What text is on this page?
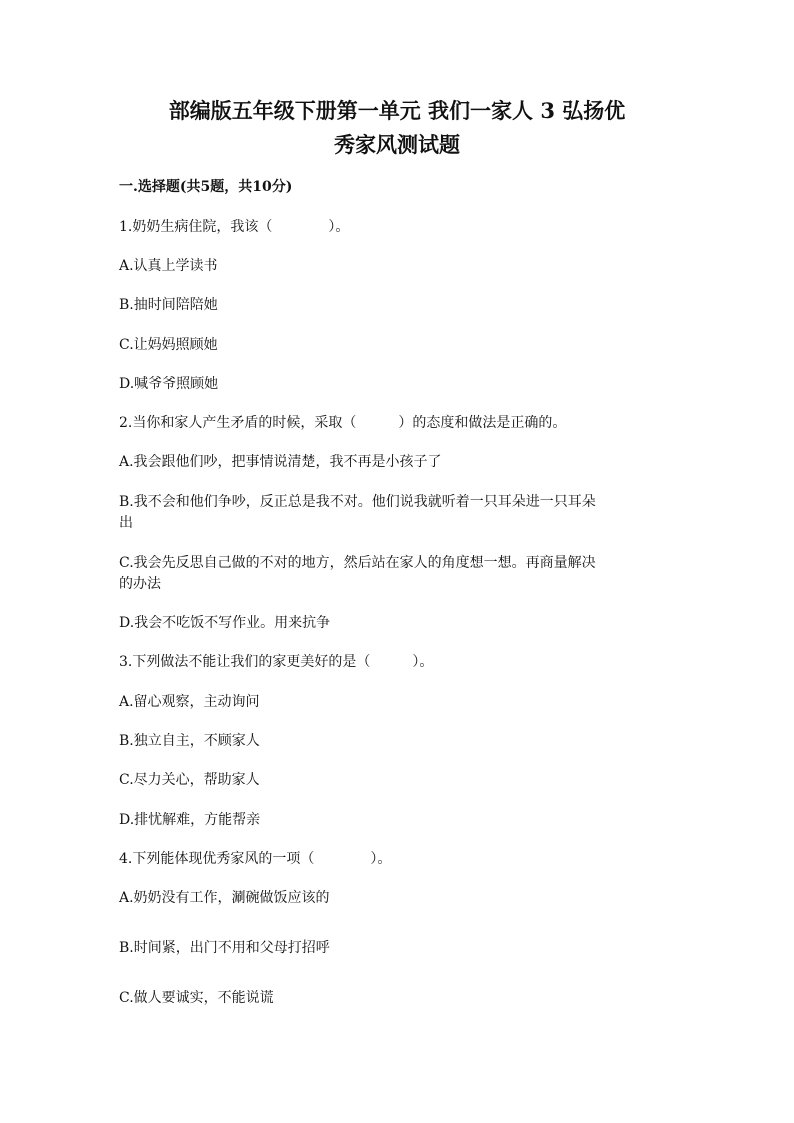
部编版五年级下册第一单元 我们一家人 3 弘扬优
秀家风测试题
一.选择题(共5题，共10分)
1.奶奶生病住院，我该（　　　　）。
A.认真上学读书
B.抽时间陪陪她
C.让妈妈照顾她
D.喊爷爷照顾她
2.当你和家人产生矛盾的时候，采取（　　　）的态度和做法是正确的。
A.我会跟他们吵，把事情说清楚，我不再是小孩子了
B.我不会和他们争吵，反正总是我不对。他们说我就听着一只耳朵进一只耳朵
出
C.我会先反思自己做的不对的地方，然后站在家人的角度想一想。再商量解决
的办法
D.我会不吃饭不写作业。用来抗争
3.下列做法不能让我们的家更美好的是（　　　）。
A.留心观察，主动询问
B.独立自主，不顾家人
C.尽力关心，帮助家人
D.排忧解难，方能帮亲
4.下列能体现优秀家风的一项（　　　　）。
A.奶奶没有工作，涮碗做饭应该的
B.时间紧，出门不用和父母打招呼
C.做人要诚实，不能说谎
